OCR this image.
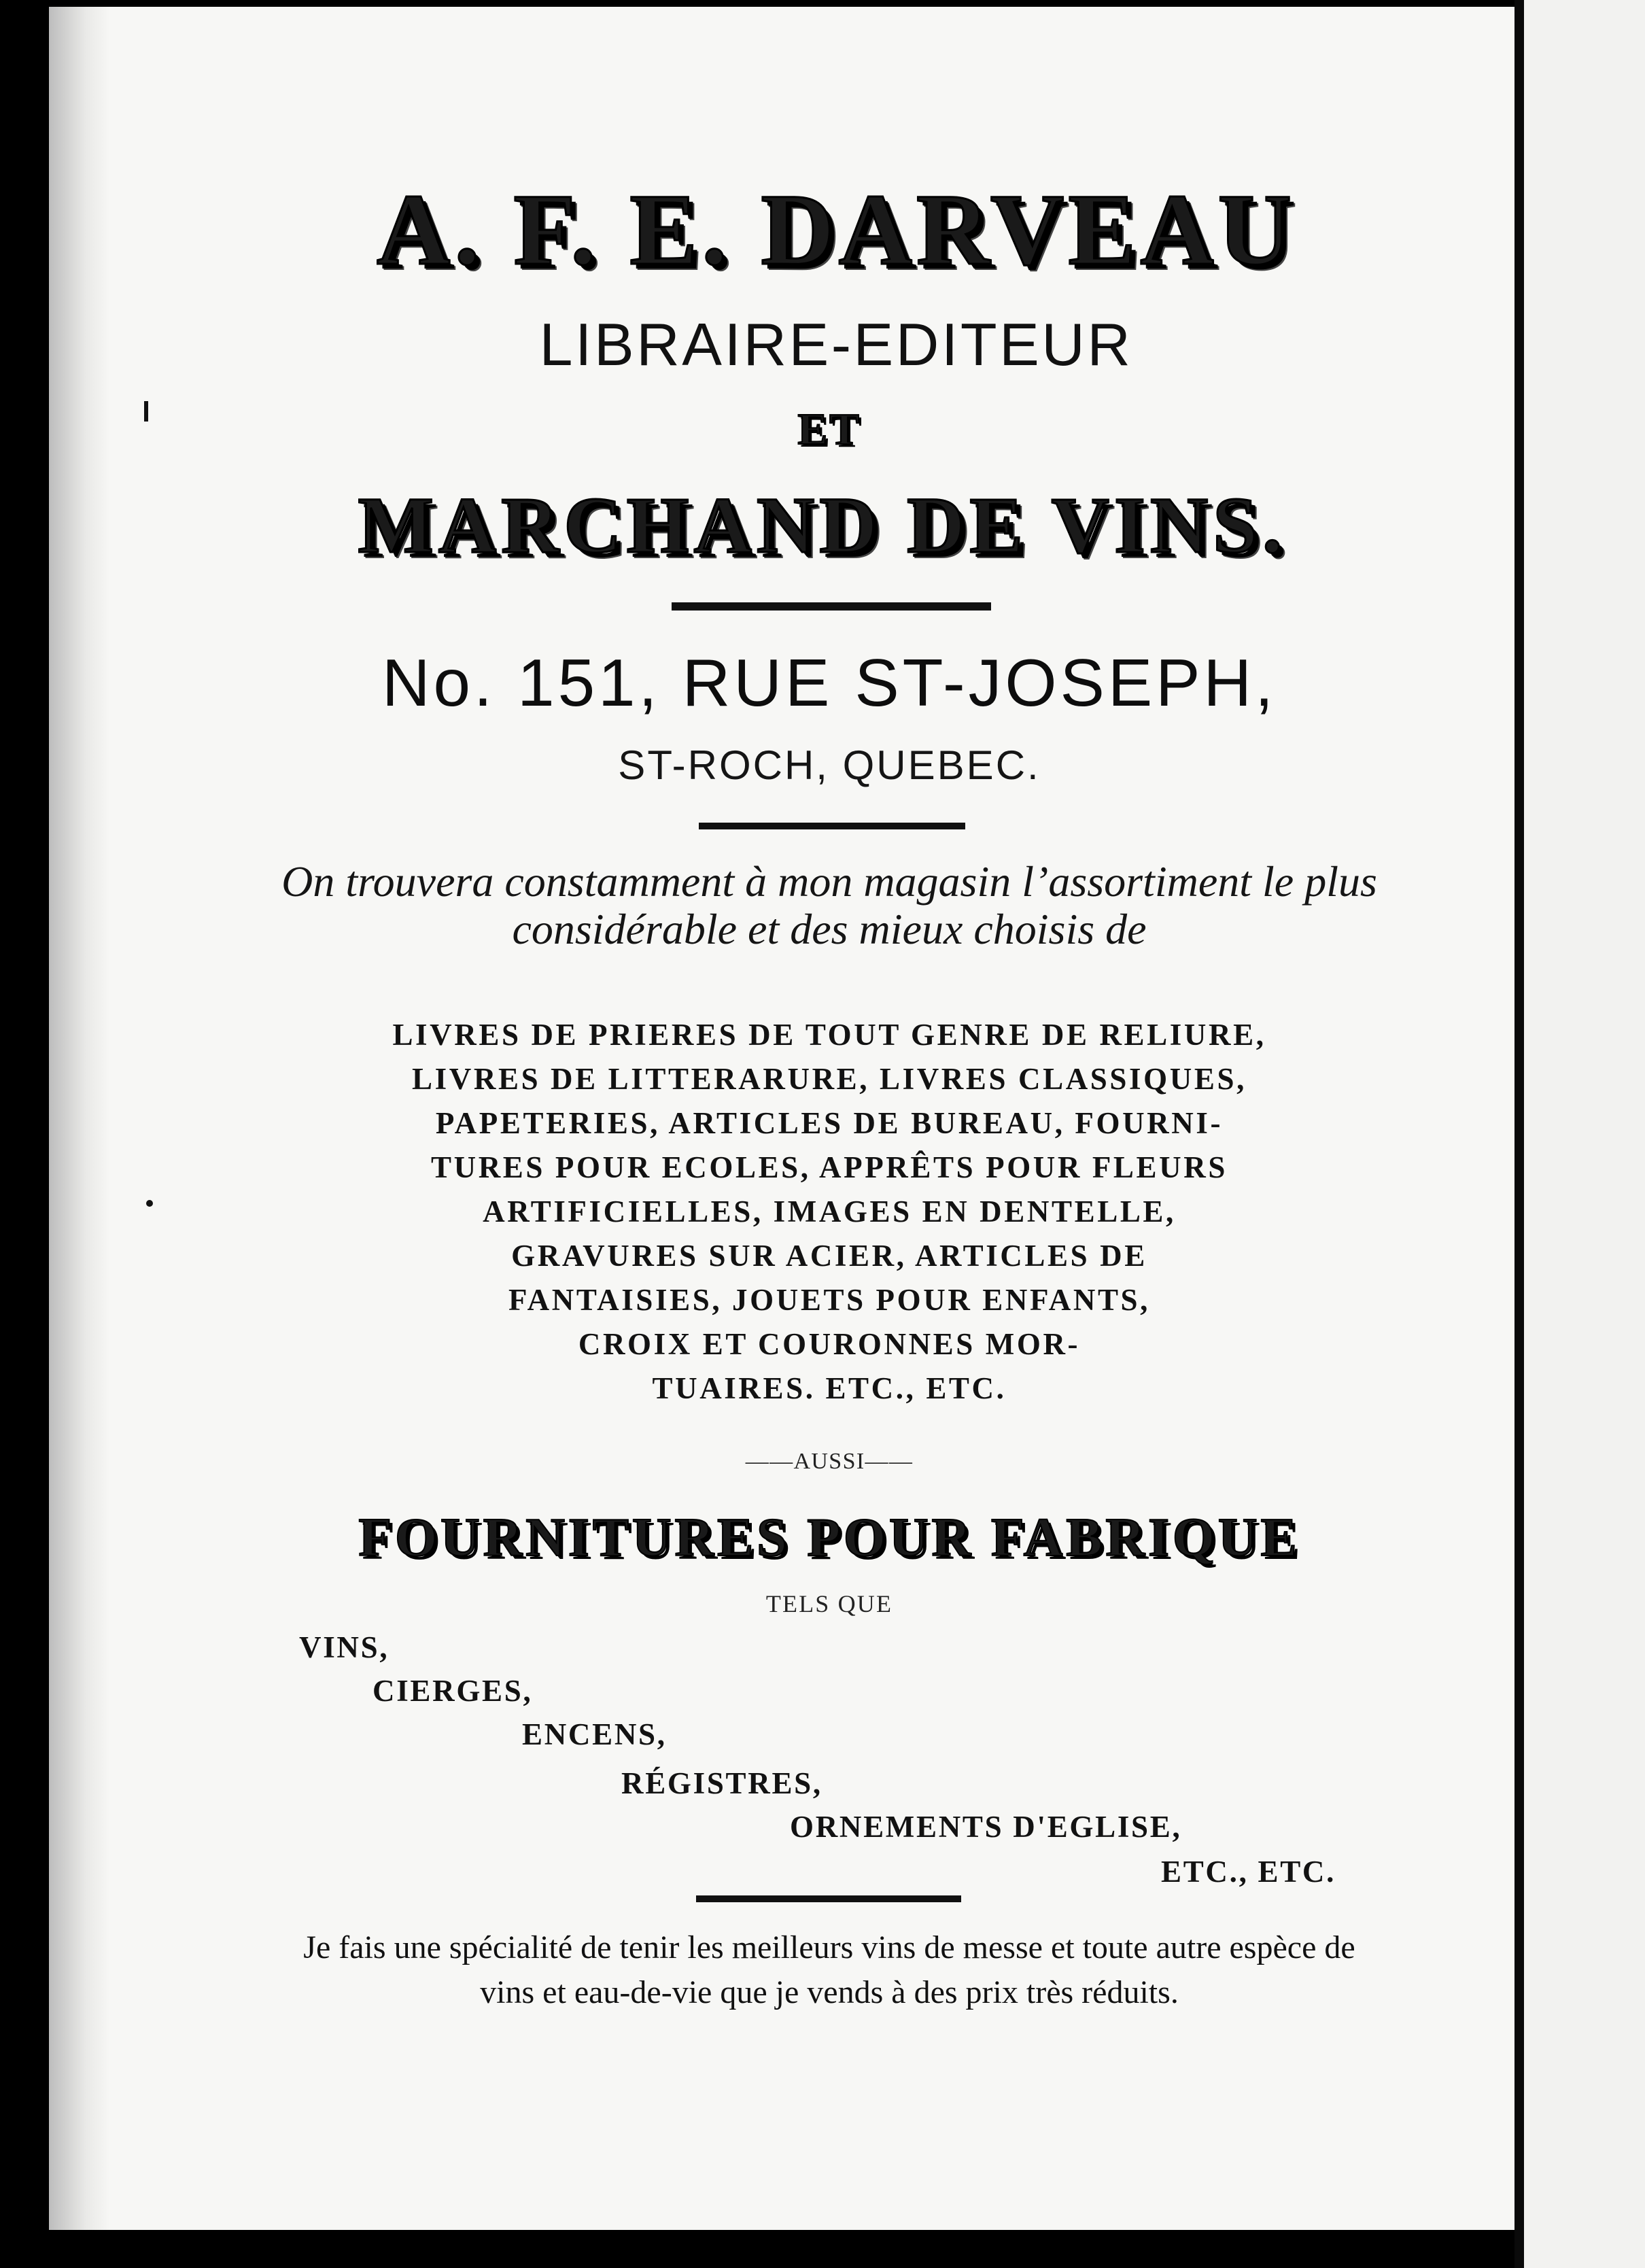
A. F. E. DARVEAU
LIBRAIRE-EDITEUR
ET
MARCHAND DE VINS.
No. 151, RUE ST-JOSEPH,
ST-ROCH, QUEBEC.
On trouvera constamment à mon magasin l’assortiment le plus considérable et des mieux choisis de
LIVRES DE PRIERES DE TOUT GENRE DE RELIURE,
LIVRES DE LITTERARURE, LIVRES CLASSIQUES,
PAPETERIES, ARTICLES DE BUREAU, FOURNI-
TURES POUR ECOLES, APPRÊTS POUR FLEURS
ARTIFICIELLES, IMAGES EN DENTELLE,
GRAVURES SUR ACIER, ARTICLES DE
FANTAISIES, JOUETS POUR ENFANTS,
CROIX ET COURONNES MOR-
TUAIRES. ETC., ETC.
——AUSSI——
FOURNITURES POUR FABRIQUE
TELS QUE
VINS,
CIERGES,
ENCENS,
RÉGISTRES,
ORNEMENTS D'EGLISE,
ETC., ETC.
Je fais une spécialité de tenir les meilleurs vins de messe et toute autre espèce de vins et eau-de-vie que je vends à des prix très réduits.
